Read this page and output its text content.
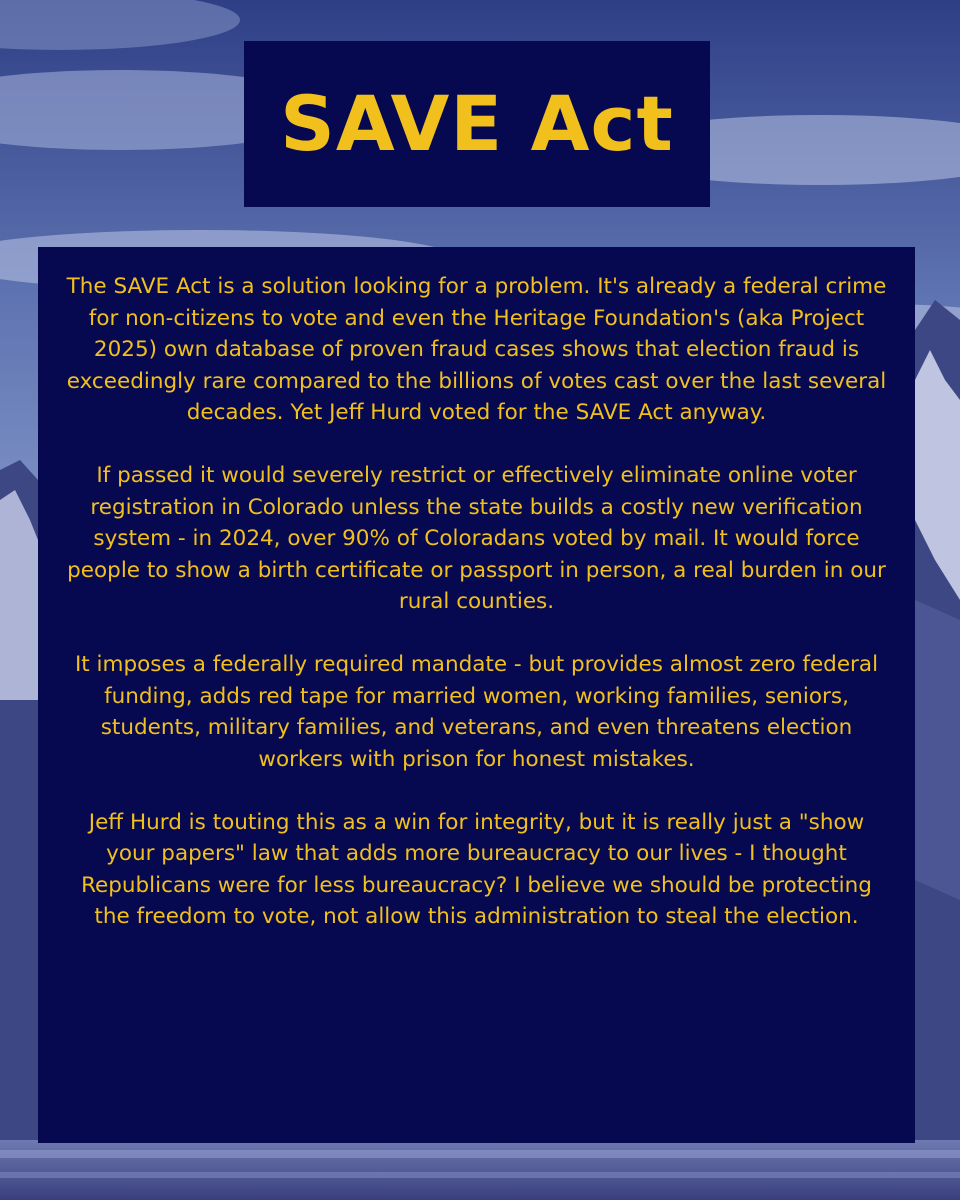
SAVE Act

The SAVE Act is a solution looking for a problem. It's already a federal crime for non-citizens to vote and even the Heritage Foundation's (aka Project 2025) own database of proven fraud cases shows that election fraud is exceedingly rare compared to the billions of votes cast over the last several decades. Yet Jeff Hurd voted for the SAVE Act anyway.

If passed it would severely restrict or effectively eliminate online voter registration in Colorado unless the state builds a costly new verification system - in 2024, over 90% of Coloradans voted by mail. It would force people to show a birth certificate or passport in person, a real burden in our rural counties.

It imposes a federally required mandate - but provides almost zero federal funding, adds red tape for married women, working families, seniors, students, military families, and veterans, and even threatens election workers with prison for honest mistakes.

Jeff Hurd is touting this as a win for integrity, but it is really just a "show your papers" law that adds more bureaucracy to our lives - I thought Republicans were for less bureaucracy? I believe we should be protecting the freedom to vote, not allow this administration to steal the election.
